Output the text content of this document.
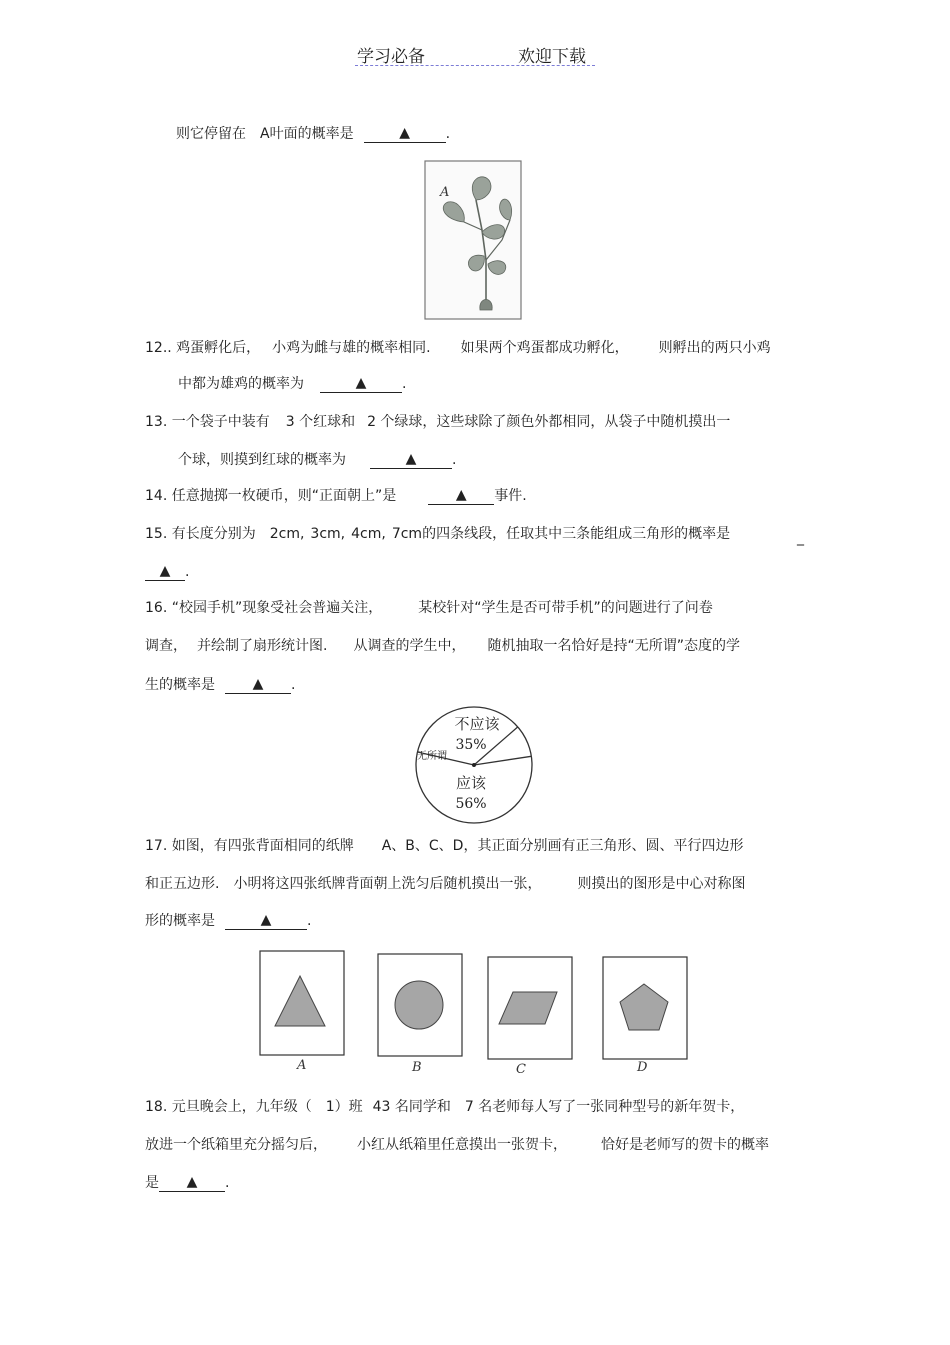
学习必备	欢迎下载
则它停留在 A叶面的概率是	▲	.
A
12.. 鸡蛋孵化后， 小鸡为雌与雄的概率相同. 如果两个鸡蛋都成功孵化， 则孵出的两只小鸡
中都为雄鸡的概率为	▲	.
13. 一个袋子中装有 3 个红球和 2 个绿球，这些球除了颜色外都相同，从袋子中随机摸出一
个球，则摸到红球的概率为	▲	.
14. 任意抛掷一枚硬币，则“正面朝上”是	▲ 事件.
15. 有长度分别为 2cm, 3cm, 4cm, 7cm的四条线段，任取其中三条能组成三角形的概率是	_
▲ .
16. “校园手机”现象受社会普遍关注，	某校针对“学生是否可带手机”的问题进行了问卷
调查， 并绘制了扇形统计图. 从调查的学生中， 随机抽取一名恰好是持“无所谓”态度的学
生的概率是	▲ .
不应该
35%
无所谓
应该
56%
17. 如图，有四张背面相同的纸牌 A、B、C、D，其正面分别画有正三角形、圆、平行四边形
和正五边形. 小明将这四张纸牌背面朝上洗匀后随机摸出一张，	则摸出的图形是中心对称图
形的概率是	▲	.
A	B	C	D
18. 元旦晚会上，九年级（ 1）班 43 名同学和 7 名老师每人写了一张同种型号的新年贺卡，
放进一个纸箱里充分摇匀后， 小红从纸箱里任意摸出一张贺卡， 恰好是老师写的贺卡的概率
是 ▲ .
